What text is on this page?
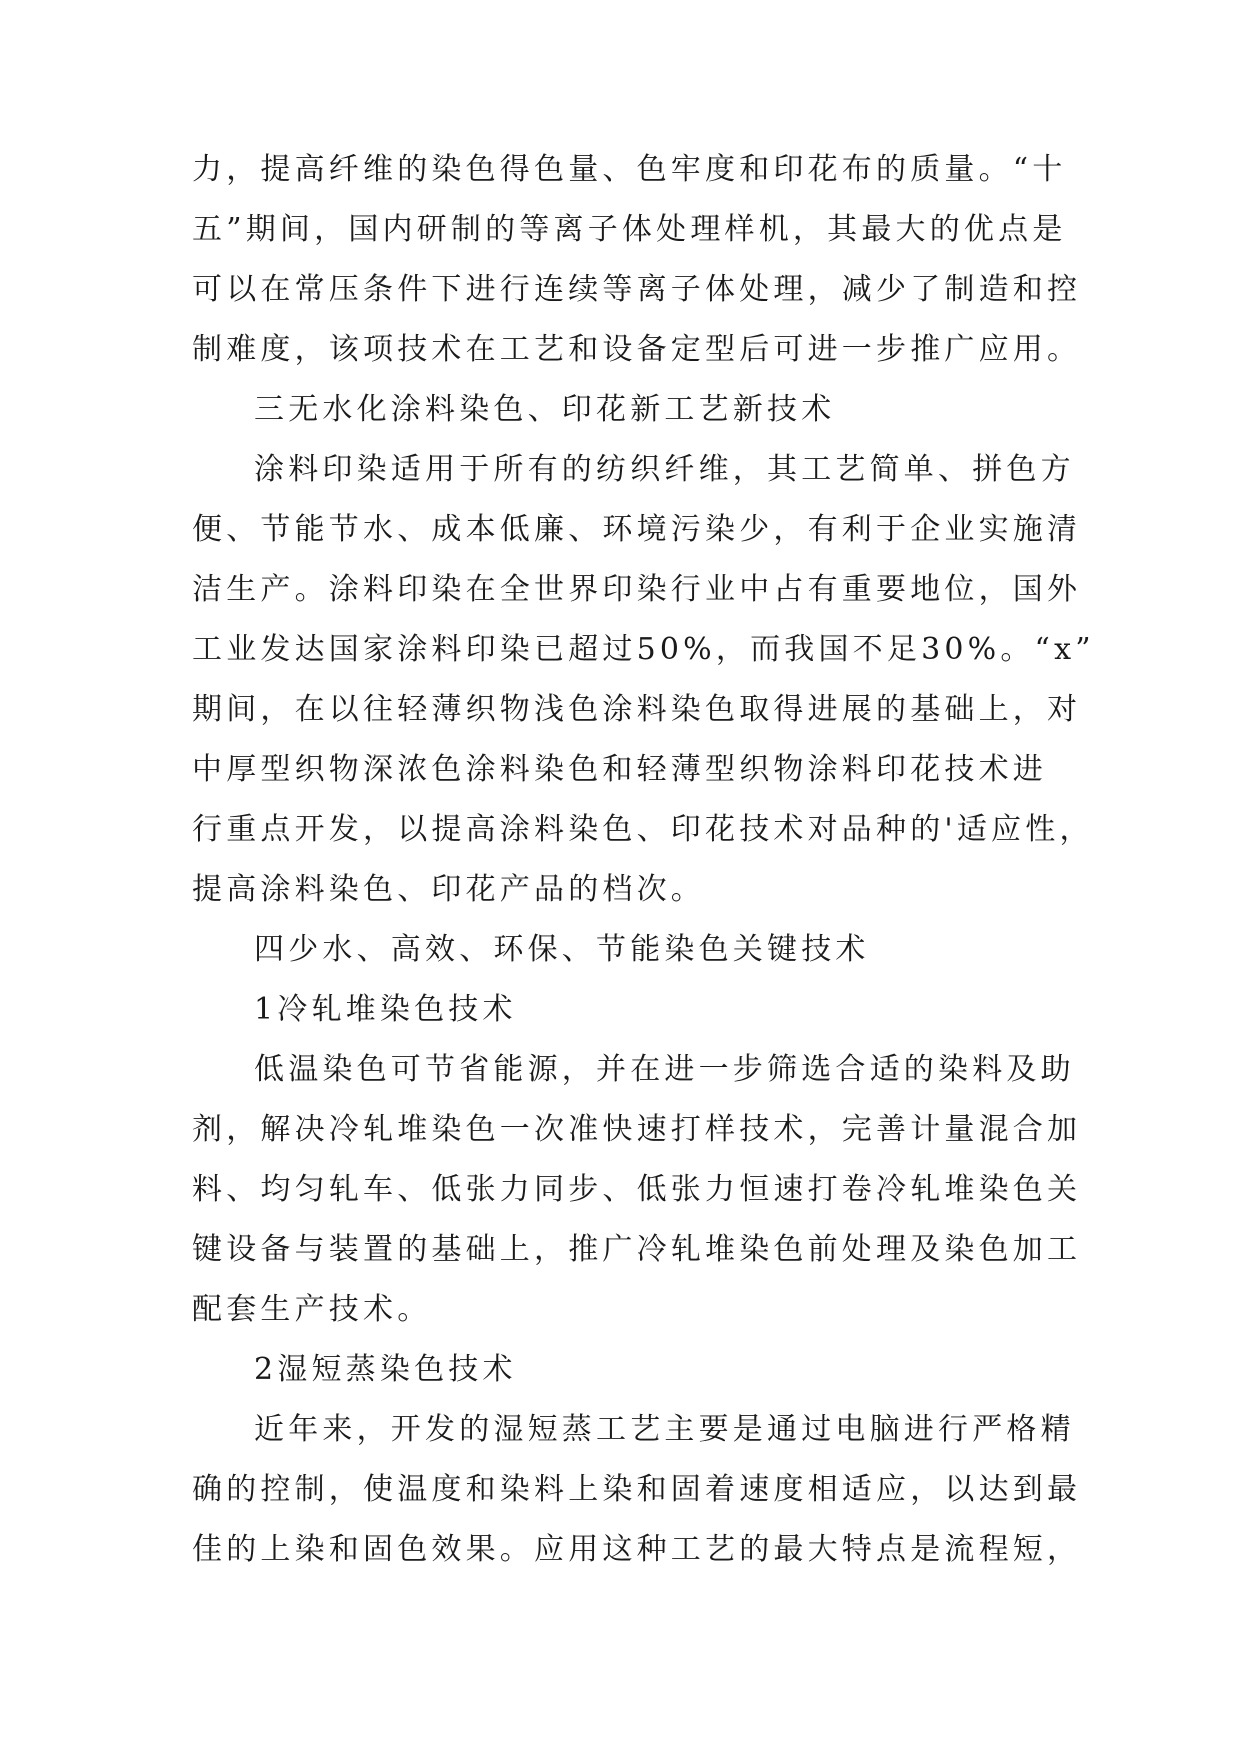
力，提高纤维的染色得色量、色牢度和印花布的质量。“十
五”期间，国内研制的等离子体处理样机，其最大的优点是
可以在常压条件下进行连续等离子体处理，减少了制造和控
制难度，该项技术在工艺和设备定型后可进一步推广应用。
三无水化涂料染色、印花新工艺新技术
涂料印染适用于所有的纺织纤维，其工艺简单、拼色方
便、节能节水、成本低廉、环境污染少，有利于企业实施清
洁生产。涂料印染在全世界印染行业中占有重要地位，国外
工业发达国家涂料印染已超过50%，而我国不足30%。“x”
期间，在以往轻薄织物浅色涂料染色取得进展的基础上，对
中厚型织物深浓色涂料染色和轻薄型织物涂料印花技术进
行重点开发，以提高涂料染色、印花技术对品种的'适应性，
提高涂料染色、印花产品的档次。
四少水、高效、环保、节能染色关键技术
1冷轧堆染色技术
低温染色可节省能源，并在进一步筛选合适的染料及助
剂，解决冷轧堆染色一次准快速打样技术，完善计量混合加
料、均匀轧车、低张力同步、低张力恒速打卷冷轧堆染色关
键设备与装置的基础上，推广冷轧堆染色前处理及染色加工
配套生产技术。
2湿短蒸染色技术
近年来，开发的湿短蒸工艺主要是通过电脑进行严格精
确的控制，使温度和染料上染和固着速度相适应，以达到最
佳的上染和固色效果。应用这种工艺的最大特点是流程短，
